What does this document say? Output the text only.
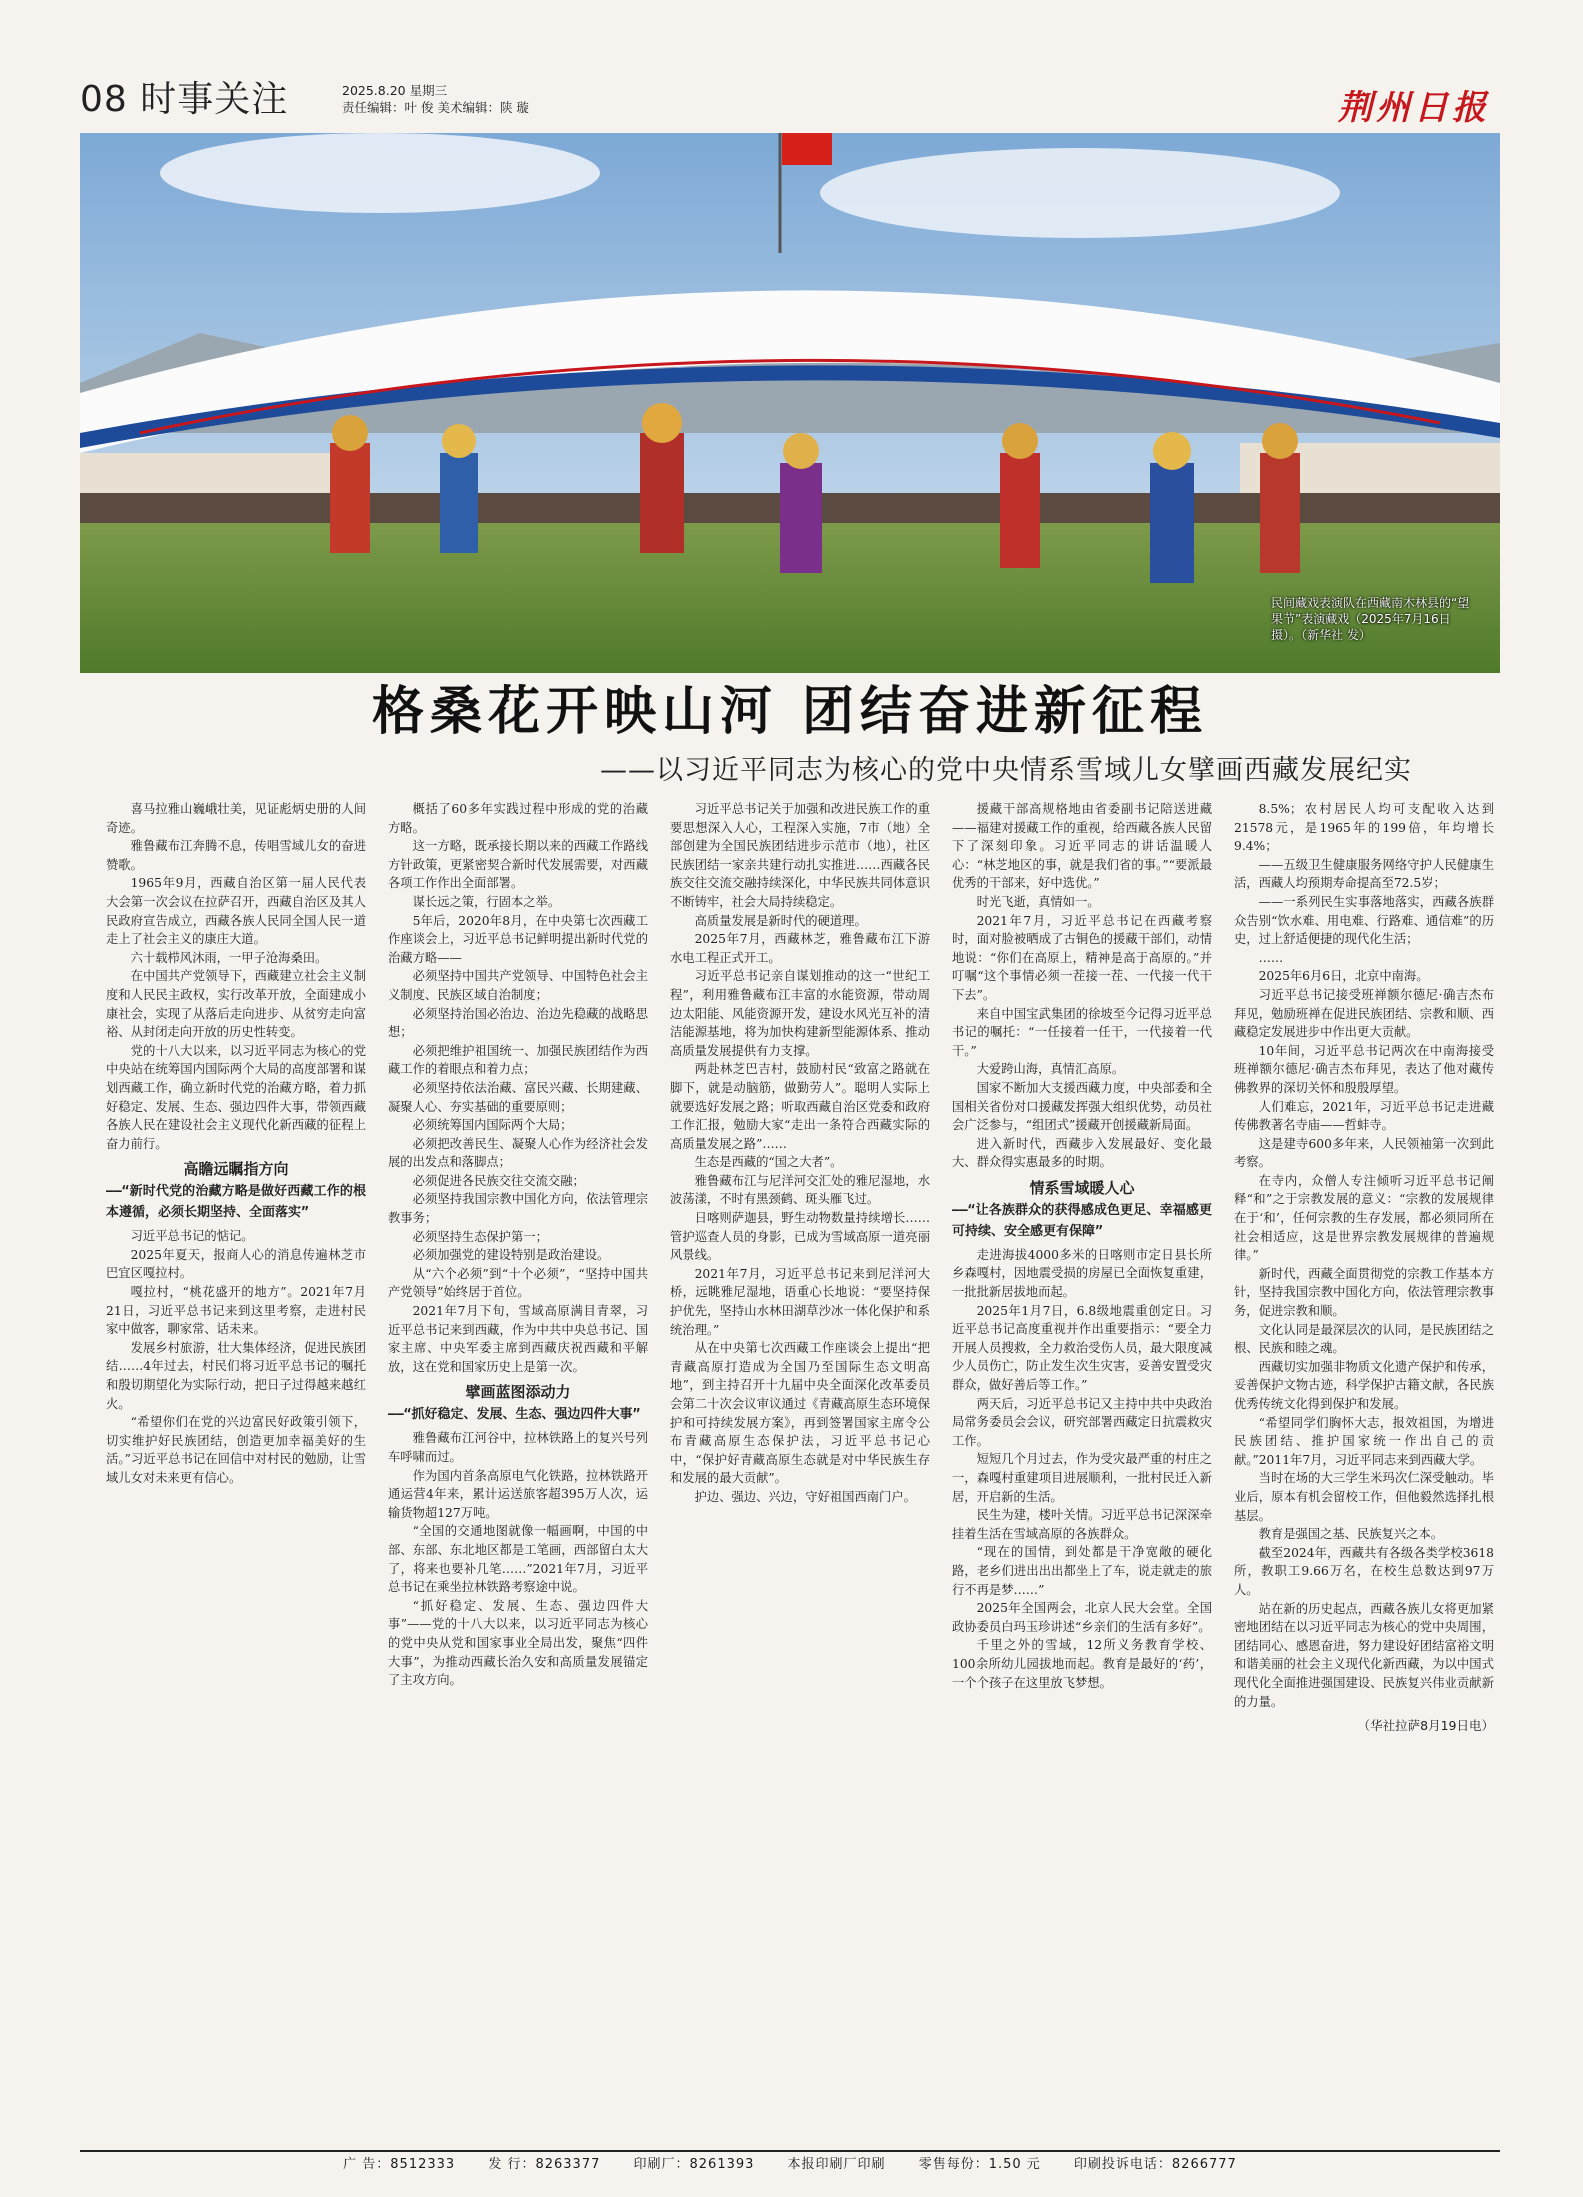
08 时事关注	2025.8.20 星期三
责任编辑：叶 俊 美术编辑：陕 璇	荆州日报
民间藏戏表演队在西藏南木林县的“望果节”表演藏戏（2025年7月16日摄）。（新华社 发）
格桑花开映山河 团结奋进新征程
——以习近平同志为核心的党中央情系雪域儿女擘画西藏发展纪实

喜马拉雅山巍峨壮美，见证彪炳史册的人间奇迹。

雅鲁藏布江奔腾不息，传唱雪域儿女的奋进赞歌。

1965年9月，西藏自治区第一届人民代表大会第一次会议在拉萨召开，西藏自治区及其人民政府宣告成立，西藏各族人民同全国人民一道走上了社会主义的康庄大道。

六十载栉风沐雨，一甲子沧海桑田。

在中国共产党领导下，西藏建立社会主义制度和人民民主政权，实行改革开放，全面建成小康社会，实现了从落后走向进步、从贫穷走向富裕、从封闭走向开放的历史性转变。

党的十八大以来，以习近平同志为核心的党中央站在统筹国内国际两个大局的高度部署和谋划西藏工作，确立新时代党的治藏方略，着力抓好稳定、发展、生态、强边四件大事，带领西藏各族人民在建设社会主义现代化新西藏的征程上奋力前行。

高瞻远瞩指方向
——“新时代党的治藏方略是做好西藏工作的根本遵循，必须长期坚持、全面落实”

习近平总书记的惦记。

2025年夏天，报商人心的消息传遍林芝市巴宜区嘎拉村。

嘎拉村，“桃花盛开的地方”。2021年7月21日，习近平总书记来到这里考察，走进村民家中做客，聊家常、话未来。

发展乡村旅游，壮大集体经济，促进民族团结……4年过去，村民们将习近平总书记的嘱托和殷切期望化为实际行动，把日子过得越来越红火。

“希望你们在党的兴边富民好政策引领下，切实维护好民族团结，创造更加幸福美好的生活。”习近平总书记在回信中对村民的勉励，让雪域儿女对未来更有信心。

概括了60多年实践过程中形成的党的治藏方略。

这一方略，既承接长期以来的西藏工作路线方针政策，更紧密契合新时代发展需要，对西藏各项工作作出全面部署。

谋长远之策，行固本之举。

5年后，2020年8月，在中央第七次西藏工作座谈会上，习近平总书记鲜明提出新时代党的治藏方略——

必须坚持中国共产党领导、中国特色社会主义制度、民族区域自治制度；

必须坚持治国必治边、治边先稳藏的战略思想；

必须把维护祖国统一、加强民族团结作为西藏工作的着眼点和着力点；

必须坚持依法治藏、富民兴藏、长期建藏、凝聚人心、夯实基础的重要原则；

必须统筹国内国际两个大局；

必须把改善民生、凝聚人心作为经济社会发展的出发点和落脚点；

必须促进各民族交往交流交融；

必须坚持我国宗教中国化方向，依法管理宗教事务；

必须坚持生态保护第一；

必须加强党的建设特别是政治建设。

从“六个必须”到“十个必须”，“坚持中国共产党领导”始终居于首位。

2021年7月下旬，雪域高原满目青翠，习近平总书记来到西藏，作为中共中央总书记、国家主席、中央军委主席到西藏庆祝西藏和平解放，这在党和国家历史上是第一次。

擘画蓝图添动力
——“抓好稳定、发展、生态、强边四件大事”

雅鲁藏布江河谷中，拉林铁路上的复兴号列车呼啸而过。

作为国内首条高原电气化铁路，拉林铁路开通运营4年来，累计运送旅客超395万人次，运输货物超127万吨。

“全国的交通地图就像一幅画啊，中国的中部、东部、东北地区都是工笔画，西部留白太大了，将来也要补几笔……”2021年7月，习近平总书记在乘坐拉林铁路考察途中说。

“抓好稳定、发展、生态、强边四件大事”——党的十八大以来，以习近平同志为核心的党中央从党和国家事业全局出发，聚焦“四件大事”，为推动西藏长治久安和高质量发展锚定了主攻方向。

习近平总书记关于加强和改进民族工作的重要思想深入人心，工程深入实施，7市（地）全部创建为全国民族团结进步示范市（地），社区民族团结一家亲共建行动扎实推进……西藏各民族交往交流交融持续深化，中华民族共同体意识不断铸牢，社会大局持续稳定。

高质量发展是新时代的硬道理。

2025年7月，西藏林芝，雅鲁藏布江下游水电工程正式开工。

习近平总书记亲自谋划推动的这一“世纪工程”，利用雅鲁藏布江丰富的水能资源，带动周边太阳能、风能资源开发，建设水风光互补的清洁能源基地，将为加快构建新型能源体系、推动高质量发展提供有力支撑。

两赴林芝巴吉村，鼓励村民“致富之路就在脚下，就是动脑筋，做勤劳人”。聪明人实际上就要选好发展之路；听取西藏自治区党委和政府工作汇报，勉励大家“走出一条符合西藏实际的高质量发展之路”……

生态是西藏的“国之大者”。

雅鲁藏布江与尼洋河交汇处的雅尼湿地，水波荡漾，不时有黑颈鹤、斑头雁飞过。

日喀则萨迦县，野生动物数量持续增长……管护巡查人员的身影，已成为雪域高原一道亮丽风景线。

2021年7月，习近平总书记来到尼洋河大桥，远眺雅尼湿地，语重心长地说：“要坚持保护优先，坚持山水林田湖草沙冰一体化保护和系统治理。”

从在中央第七次西藏工作座谈会上提出“把青藏高原打造成为全国乃至国际生态文明高地”，到主持召开十九届中央全面深化改革委员会第二十次会议审议通过《青藏高原生态环境保护和可持续发展方案》，再到签署国家主席令公布青藏高原生态保护法，习近平总书记心中，“保护好青藏高原生态就是对中华民族生存和发展的最大贡献”。

护边、强边、兴边，守好祖国西南门户。

援藏干部高规格地由省委副书记陪送进藏——福建对援藏工作的重视，给西藏各族人民留下了深刻印象。习近平同志的讲话温暖人心：“林芝地区的事，就是我们省的事。”“要派最优秀的干部来，好中选优。”

时光飞逝，真情如一。

2021年7月，习近平总书记在西藏考察时，面对脸被晒成了古铜色的援藏干部们，动情地说：“你们在高原上，精神是高于高原的。”并叮嘱“这个事情必须一茬接一茬、一代接一代干下去”。

来自中国宝武集团的徐坡至今记得习近平总书记的嘱托：“一任接着一任干，一代接着一代干。”

大爱跨山海，真情汇高原。

国家不断加大支援西藏力度，中央部委和全国相关省份对口援藏发挥强大组织优势，动员社会广泛参与，“组团式”援藏开创援藏新局面。

进入新时代，西藏步入发展最好、变化最大、群众得实惠最多的时期。

情系雪域暖人心
——“让各族群众的获得感成色更足、幸福感更可持续、安全感更有保障”

走进海拔4000多米的日喀则市定日县长所乡森嘎村，因地震受损的房屋已全面恢复重建，一批批新居拔地而起。

2025年1月7日，6.8级地震重创定日。习近平总书记高度重视并作出重要指示：“要全力开展人员搜救，全力救治受伤人员，最大限度减少人员伤亡，防止发生次生灾害，妥善安置受灾群众，做好善后等工作。”

两天后，习近平总书记又主持中共中央政治局常务委员会会议，研究部署西藏定日抗震救灾工作。

短短几个月过去，作为受灾最严重的村庄之一，森嘎村重建项目进展顺利，一批村民迁入新居，开启新的生活。

民生为建，楼叶关情。习近平总书记深深牵挂着生活在雪域高原的各族群众。

“现在的国情，到处都是干净宽敞的硬化路，老乡们进出出出都坐上了车，说走就走的旅行不再是梦……”

2025年全国两会，北京人民大会堂。全国政协委员白玛玉珍讲述“乡亲们的生活有多好”。

千里之外的雪域，12所义务教育学校、100余所幼儿园拔地而起。教育是最好的‘药’，一个个孩子在这里放飞梦想。

8.5%；农村居民人均可支配收入达到21578元，是1965年的199倍，年均增长9.4%；

——五级卫生健康服务网络守护人民健康生活，西藏人均预期寿命提高至72.5岁；

——一系列民生实事落地落实，西藏各族群众告别“饮水难、用电难、行路难、通信难”的历史，过上舒适便捷的现代化生活；

……

2025年6月6日，北京中南海。

习近平总书记接受班禅额尔德尼·确吉杰布拜见，勉励班禅在促进民族团结、宗教和顺、西藏稳定发展进步中作出更大贡献。

10年间，习近平总书记两次在中南海接受班禅额尔德尼·确吉杰布拜见，表达了他对藏传佛教界的深切关怀和殷殷厚望。

人们难忘，2021年，习近平总书记走进藏传佛教著名寺庙——哲蚌寺。

这是建寺600多年来，人民领袖第一次到此考察。

在寺内，众僧人专注倾听习近平总书记阐释“和”之于宗教发展的意义：“宗教的发展规律在于‘和’，任何宗教的生存发展，都必须同所在社会相适应，这是世界宗教发展规律的普遍规律。”

新时代，西藏全面贯彻党的宗教工作基本方针，坚持我国宗教中国化方向，依法管理宗教事务，促进宗教和顺。

文化认同是最深层次的认同，是民族团结之根、民族和睦之魂。

西藏切实加强非物质文化遗产保护和传承，妥善保护文物古迹，科学保护古籍文献，各民族优秀传统文化得到保护和发展。

“希望同学们胸怀大志，报效祖国，为增进民族团结、推护国家统一作出自己的贡献。”2011年7月，习近平同志来到西藏大学。

当时在场的大三学生米玛次仁深受触动。毕业后，原本有机会留校工作，但他毅然选择扎根基层。

教育是强国之基、民族复兴之本。

截至2024年，西藏共有各级各类学校3618所，教职工9.66万名，在校生总数达到97万人。

站在新的历史起点，西藏各族儿女将更加紧密地团结在以习近平同志为核心的党中央周围，团结同心、感恩奋进，努力建设好团结富裕文明和谐美丽的社会主义现代化新西藏，为以中国式现代化全面推进强国建设、民族复兴伟业贡献新的力量。

（华社拉萨8月19日电）
广 告：8512333	发 行：8263377	印刷厂：8261393	本报印刷厂印刷	零售每份：1.50 元	印刷投诉电话：8266777
